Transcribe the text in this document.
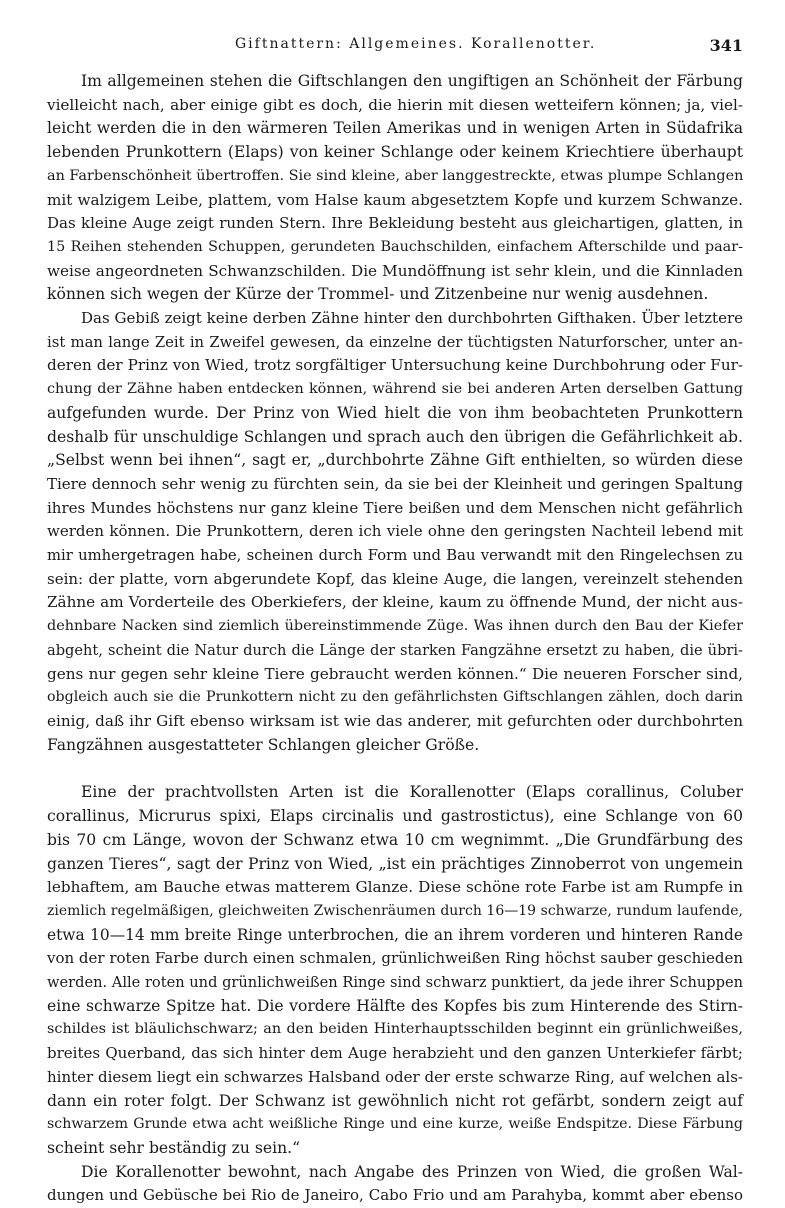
Giftnattern: Allgemeines. Korallenotter.	341
Im allgemeinen stehen die Giftschlangen den ungiftigen an Schönheit der Färbung
vielleicht nach, aber einige gibt es doch, die hierin mit diesen wetteifern können; ja, viel-
leicht werden die in den wärmeren Teilen Amerikas und in wenigen Arten in Südafrika
lebenden Prunkottern (Elaps) von keiner Schlange oder keinem Kriechtiere überhaupt
an Farbenschönheit übertroffen. Sie sind kleine, aber langgestreckte, etwas plumpe Schlangen
mit walzigem Leibe, plattem, vom Halse kaum abgesetztem Kopfe und kurzem Schwanze.
Das kleine Auge zeigt runden Stern. Ihre Bekleidung besteht aus gleichartigen, glatten, in
15 Reihen stehenden Schuppen, gerundeten Bauchschilden, einfachem Afterschilde und paar-
weise angeordneten Schwanzschilden. Die Mundöffnung ist sehr klein, und die Kinnladen
können sich wegen der Kürze der Trommel- und Zitzenbeine nur wenig ausdehnen.
Das Gebiß zeigt keine derben Zähne hinter den durchbohrten Gifthaken. Über letztere
ist man lange Zeit in Zweifel gewesen, da einzelne der tüchtigsten Naturforscher, unter an-
deren der Prinz von Wied, trotz sorgfältiger Untersuchung keine Durchbohrung oder Fur-
chung der Zähne haben entdecken können, während sie bei anderen Arten derselben Gattung
aufgefunden wurde. Der Prinz von Wied hielt die von ihm beobachteten Prunkottern
deshalb für unschuldige Schlangen und sprach auch den übrigen die Gefährlichkeit ab.
„Selbst wenn bei ihnen“, sagt er, „durchbohrte Zähne Gift enthielten, so würden diese
Tiere dennoch sehr wenig zu fürchten sein, da sie bei der Kleinheit und geringen Spaltung
ihres Mundes höchstens nur ganz kleine Tiere beißen und dem Menschen nicht gefährlich
werden können. Die Prunkottern, deren ich viele ohne den geringsten Nachteil lebend mit
mir umhergetragen habe, scheinen durch Form und Bau verwandt mit den Ringelechsen zu
sein: der platte, vorn abgerundete Kopf, das kleine Auge, die langen, vereinzelt stehenden
Zähne am Vorderteile des Oberkiefers, der kleine, kaum zu öffnende Mund, der nicht aus-
dehnbare Nacken sind ziemlich übereinstimmende Züge. Was ihnen durch den Bau der Kiefer
abgeht, scheint die Natur durch die Länge der starken Fangzähne ersetzt zu haben, die übri-
gens nur gegen sehr kleine Tiere gebraucht werden können.“ Die neueren Forscher sind,
obgleich auch sie die Prunkottern nicht zu den gefährlichsten Giftschlangen zählen, doch darin
einig, daß ihr Gift ebenso wirksam ist wie das anderer, mit gefurchten oder durchbohrten
Fangzähnen ausgestatteter Schlangen gleicher Größe.
Eine der prachtvollsten Arten ist die Korallenotter (Elaps corallinus, Coluber
corallinus, Micrurus spixi, Elaps circinalis und gastrostictus), eine Schlange von 60
bis 70 cm Länge, wovon der Schwanz etwa 10 cm wegnimmt. „Die Grundfärbung des
ganzen Tieres“, sagt der Prinz von Wied, „ist ein prächtiges Zinnoberrot von ungemein
lebhaftem, am Bauche etwas matterem Glanze. Diese schöne rote Farbe ist am Rumpfe in
ziemlich regelmäßigen, gleichweiten Zwischenräumen durch 16—19 schwarze, rundum laufende,
etwa 10—14 mm breite Ringe unterbrochen, die an ihrem vorderen und hinteren Rande
von der roten Farbe durch einen schmalen, grünlichweißen Ring höchst sauber geschieden
werden. Alle roten und grünlichweißen Ringe sind schwarz punktiert, da jede ihrer Schuppen
eine schwarze Spitze hat. Die vordere Hälfte des Kopfes bis zum Hinterende des Stirn-
schildes ist bläulichschwarz; an den beiden Hinterhauptsschilden beginnt ein grünlichweißes,
breites Querband, das sich hinter dem Auge herabzieht und den ganzen Unterkiefer färbt;
hinter diesem liegt ein schwarzes Halsband oder der erste schwarze Ring, auf welchen als-
dann ein roter folgt. Der Schwanz ist gewöhnlich nicht rot gefärbt, sondern zeigt auf
schwarzem Grunde etwa acht weißliche Ringe und eine kurze, weiße Endspitze. Diese Färbung
scheint sehr beständig zu sein.“
Die Korallenotter bewohnt, nach Angabe des Prinzen von Wied, die großen Wal-
dungen und Gebüsche bei Rio de Janeiro, Cabo Frio und am Parahyba, kommt aber ebenso
